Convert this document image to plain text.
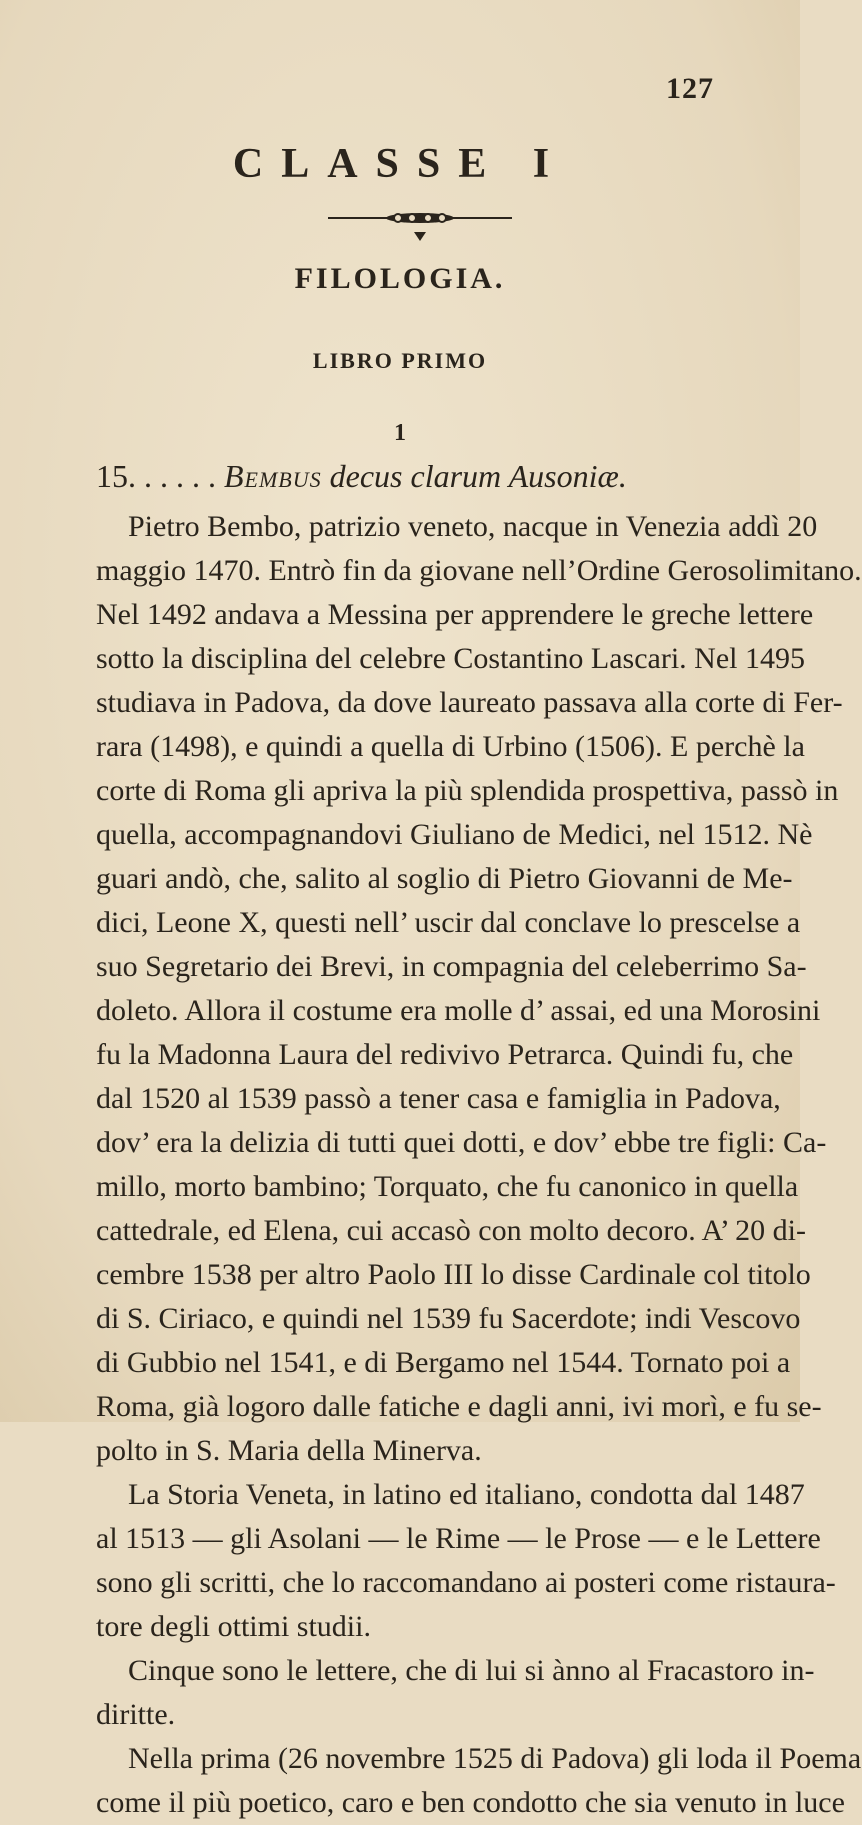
127
CLASSE I
FILOLOGIA.
LIBRO PRIMO
1
15. . . . . . Bembus decus clarum Ausoniæ.
Pietro Bembo, patrizio veneto, nacque in Venezia addì 20
maggio 1470. Entrò fin da giovane nell’Ordine Gerosolimitano.
Nel 1492 andava a Messina per apprendere le greche lettere
sotto la disciplina del celebre Costantino Lascari. Nel 1495
studiava in Padova, da dove laureato passava alla corte di Fer-
rara (1498), e quindi a quella di Urbino (1506). E perchè la
corte di Roma gli apriva la più splendida prospettiva, passò in
quella, accompagnandovi Giuliano de Medici, nel 1512. Nè
guari andò, che, salito al soglio di Pietro Giovanni de Me-
dici, Leone X, questi nell’ uscir dal conclave lo prescelse a
suo Segretario dei Brevi, in compagnia del celeberrimo Sa-
doleto. Allora il costume era molle d’ assai, ed una Morosini
fu la Madonna Laura del redivivo Petrarca. Quindi fu, che
dal 1520 al 1539 passò a tener casa e famiglia in Padova,
dov’ era la delizia di tutti quei dotti, e dov’ ebbe tre figli: Ca-
millo, morto bambino; Torquato, che fu canonico in quella
cattedrale, ed Elena, cui accasò con molto decoro. A’ 20 di-
cembre 1538 per altro Paolo III lo disse Cardinale col titolo
di S. Ciriaco, e quindi nel 1539 fu Sacerdote; indi Vescovo
di Gubbio nel 1541, e di Bergamo nel 1544. Tornato poi a
Roma, già logoro dalle fatiche e dagli anni, ivi morì, e fu se-
polto in S. Maria della Minerva.
La Storia Veneta, in latino ed italiano, condotta dal 1487
al 1513 — gli Asolani — le Rime — le Prose — e le Lettere
sono gli scritti, che lo raccomandano ai posteri come ristaura-
tore degli ottimi studii.
Cinque sono le lettere, che di lui si ànno al Fracastoro in-
diritte.
Nella prima (26 novembre 1525 di Padova) gli loda il Poema
come il più poetico, caro e ben condotto che sia venuto in luce
